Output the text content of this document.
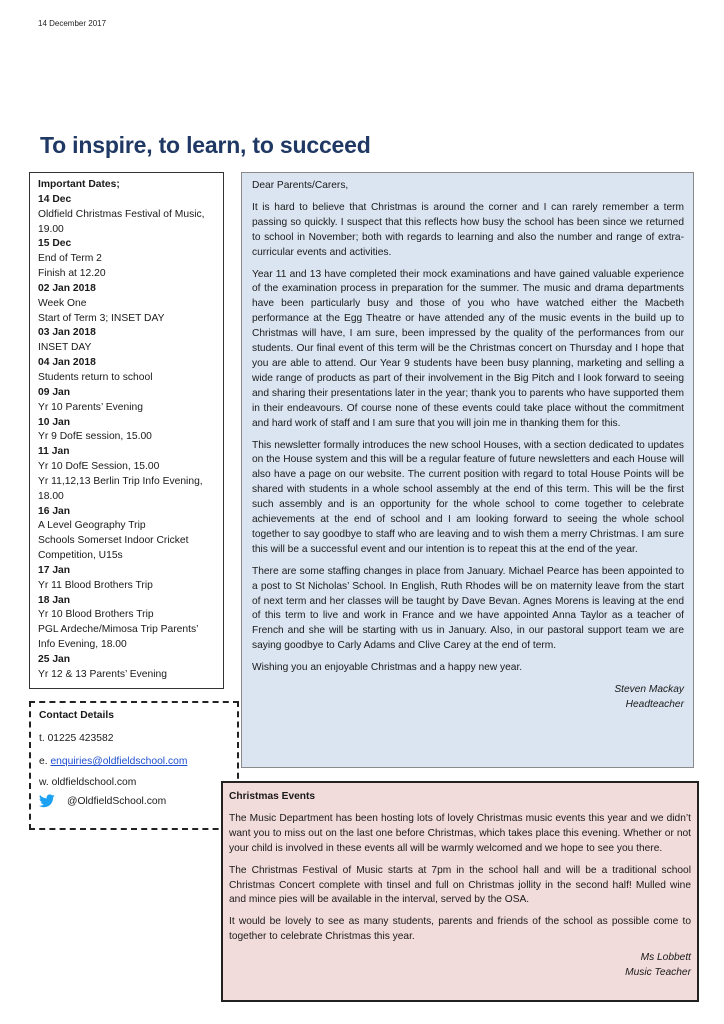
14 December 2017
To inspire, to learn, to succeed
Important Dates;
14 Dec
Oldfield Christmas Festival of Music, 19.00
15 Dec
End of Term 2
Finish at 12.20
02 Jan 2018
Week One
Start of Term 3; INSET DAY
03 Jan 2018
INSET DAY
04 Jan 2018
Students return to school
09 Jan
Yr 10 Parents’ Evening
10 Jan
Yr 9 DofE session, 15.00
11 Jan
Yr 10 DofE Session, 15.00
Yr 11,12,13 Berlin Trip Info Evening, 18.00
16 Jan
A Level Geography Trip
Schools Somerset Indoor Cricket Competition, U15s
17 Jan
Yr 11 Blood Brothers Trip
18 Jan
Yr 10 Blood Brothers Trip
PGL Ardeche/Mimosa Trip Parents’ Info Evening, 18.00
25 Jan
Yr 12 & 13 Parents’ Evening
Contact Details
t. 01225 423582
e. enquiries@oldfieldschool.com
w. oldfieldschool.com
@OldfieldSchool.com

Dear Parents/Carers,

It is hard to believe that Christmas is around the corner and I can rarely remember a term passing so quickly. I suspect that this reflects how busy the school has been since we returned to school in November; both with regards to learning and also the number and range of extra-curricular events and activities.

Year 11 and 13 have completed their mock examinations and have gained valuable experience of the examination process in preparation for the summer. The music and drama departments have been particularly busy and those of you who have watched either the Macbeth performance at the Egg Theatre or have attended any of the music events in the build up to Christmas will have, I am sure, been impressed by the quality of the performances from our students. Our final event of this term will be the Christmas concert on Thursday and I hope that you are able to attend. Our Year 9 students have been busy planning, marketing and selling a wide range of products as part of their involvement in the Big Pitch and I look forward to seeing and sharing their presentations later in the year; thank you to parents who have supported them in their endeavours. Of course none of these events could take place without the commitment and hard work of staff and I am sure that you will join me in thanking them for this.

This newsletter formally introduces the new school Houses, with a section dedicated to updates on the House system and this will be a regular feature of future newsletters and each House will also have a page on our website. The current position with regard to total House Points will be shared with students in a whole school assembly at the end of this term. This will be the first such assembly and is an opportunity for the whole school to come together to celebrate achievements at the end of school and I am looking forward to seeing the whole school together to say goodbye to staff who are leaving and to wish them a merry Christmas. I am sure this will be a successful event and our intention is to repeat this at the end of the year.

There are some staffing changes in place from January. Michael Pearce has been appointed to a post to St Nicholas’ School. In English, Ruth Rhodes will be on maternity leave from the start of next term and her classes will be taught by Dave Bevan. Agnes Morens is leaving at the end of this term to live and work in France and we have appointed Anna Taylor as a teacher of French and she will be starting with us in January. Also, in our pastoral support team we are saying goodbye to Carly Adams and Clive Carey at the end of term.

Wishing you an enjoyable Christmas and a happy new year.

Steven Mackay
Headteacher
Christmas Events

The Music Department has been hosting lots of lovely Christmas music events this year and we didn’t want you to miss out on the last one before Christmas, which takes place this evening. Whether or not your child is involved in these events all will be warmly welcomed and we hope to see you there.

The Christmas Festival of Music starts at 7pm in the school hall and will be a traditional school Christmas Concert complete with tinsel and full on Christmas jollity in the second half! Mulled wine and mince pies will be available in the interval, served by the OSA.

It would be lovely to see as many students, parents and friends of the school as possible come to together to celebrate Christmas this year.

Ms Lobbett
Music Teacher
